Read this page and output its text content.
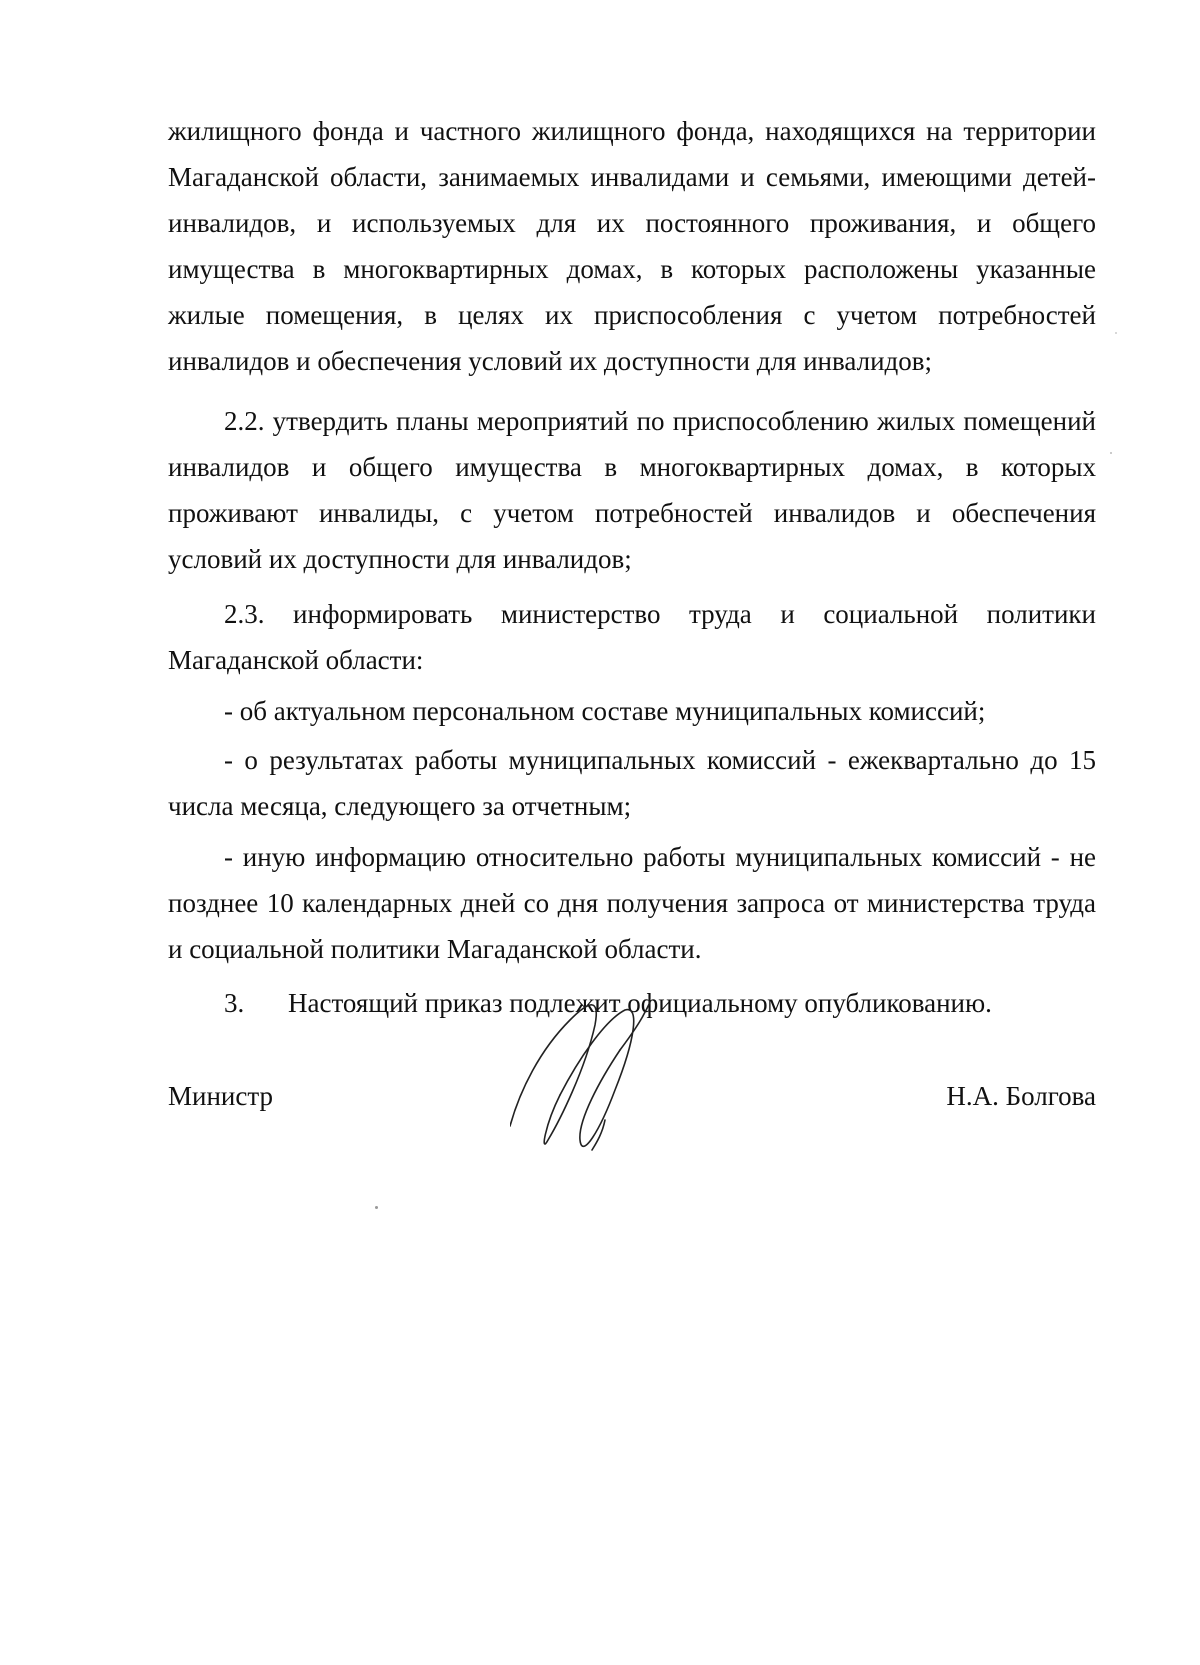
жилищного фонда и частного жилищного фонда, находящихся на территории Магаданской области, занимаемых инвалидами и семьями, имеющими детей-инвалидов, и используемых для их постоянного проживания, и общего имущества в многоквартирных домах, в которых расположены указанные жилые помещения, в целях их приспособления с учетом потребностей инвалидов и обеспечения условий их доступности для инвалидов;

2.2. утвердить планы мероприятий по приспособлению жилых помещений инвалидов и общего имущества в многоквартирных домах, в которых проживают инвалиды, с учетом потребностей инвалидов и обеспечения условий их доступности для инвалидов;

2.3. информировать министерство труда и социальной политики Магаданской области:

- об актуальном персональном составе муниципальных комиссий;

- о результатах работы муниципальных комиссий - ежеквартально до 15 числа месяца, следующего за отчетным;

- иную информацию относительно работы муниципальных комиссий - не позднее 10 календарных дней со дня получения запроса от министерства труда и социальной политики Магаданской области.

3. Настоящий приказ подлежит официальному опубликованию.

Министр	Н.А. Болгова
